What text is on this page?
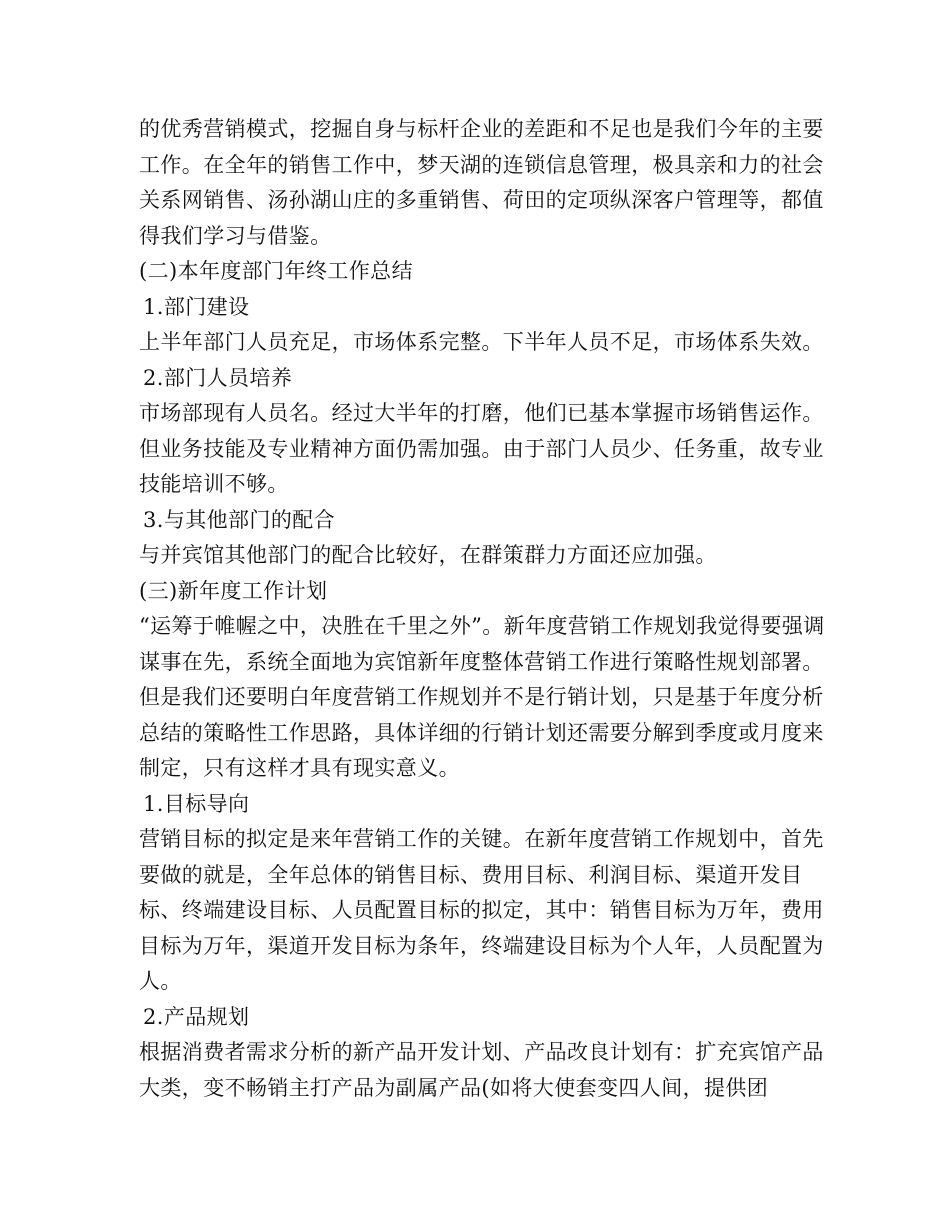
的优秀营销模式，挖掘自身与标杆企业的差距和不足也是我们今年的主要工作。在全年的销售工作中，梦天湖的连锁信息管理，极具亲和力的社会关系网销售、汤孙湖山庄的多重销售、荷田的定项纵深客户管理等，都值得我们学习与借鉴。

(二)本年度部门年终工作总结

1.部门建设

上半年部门人员充足，市场体系完整。下半年人员不足，市场体系失效。

2.部门人员培养

市场部现有人员名。经过大半年的打磨，他们已基本掌握市场销售运作。但业务技能及专业精神方面仍需加强。由于部门人员少、任务重，故专业技能培训不够。

3.与其他部门的配合

与并宾馆其他部门的配合比较好，在群策群力方面还应加强。

(三)新年度工作计划

“运筹于帷幄之中，决胜在千里之外”。新年度营销工作规划我觉得要强调谋事在先，系统全面地为宾馆新年度整体营销工作进行策略性规划部署。但是我们还要明白年度营销工作规划并不是行销计划，只是基于年度分析总结的策略性工作思路，具体详细的行销计划还需要分解到季度或月度来制定，只有这样才具有现实意义。

1.目标导向

营销目标的拟定是来年营销工作的关键。在新年度营销工作规划中，首先要做的就是，全年总体的销售目标、费用目标、利润目标、渠道开发目标、终端建设目标、人员配置目标的拟定，其中：销售目标为万年，费用目标为万年，渠道开发目标为条年，终端建设目标为个人年，人员配置为人。

2.产品规划

根据消费者需求分析的新产品开发计划、产品改良计划有：扩充宾馆产品大类，变不畅销主打产品为副属产品(如将大使套变四人间，提供团
